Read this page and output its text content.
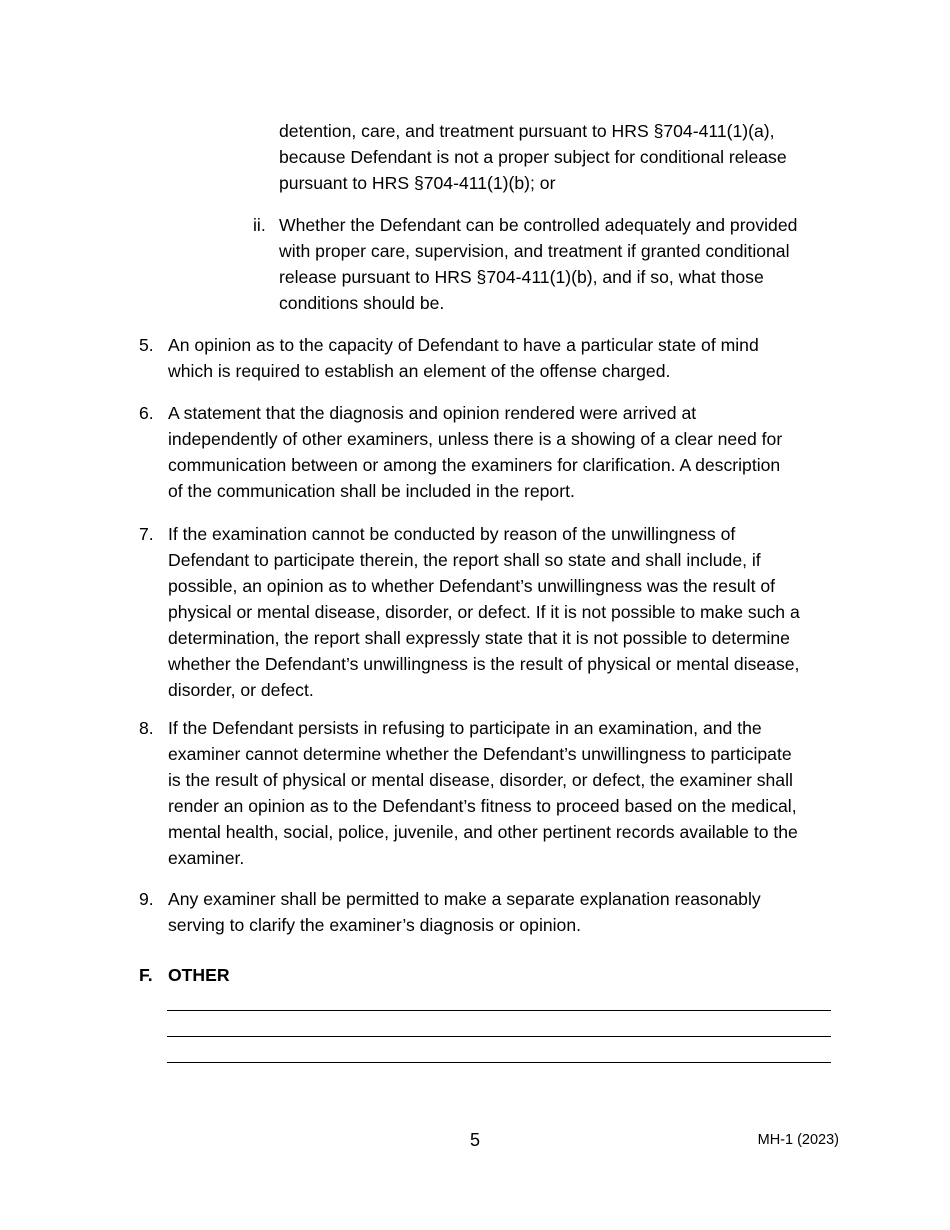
detention, care, and treatment pursuant to HRS §704-411(1)(a),
because Defendant is not a proper subject for conditional release
pursuant to HRS §704-411(1)(b); or

ii. Whether the Defendant can be controlled adequately and provided
with proper care, supervision, and treatment if granted conditional
release pursuant to HRS §704-411(1)(b), and if so, what those
conditions should be.
5. An opinion as to the capacity of Defendant to have a particular state of mind
which is required to establish an element of the offense charged.
6. A statement that the diagnosis and opinion rendered were arrived at
independently of other examiners, unless there is a showing of a clear need for
communication between or among the examiners for clarification. A description
of the communication shall be included in the report.
7. If the examination cannot be conducted by reason of the unwillingness of
Defendant to participate therein, the report shall so state and shall include, if
possible, an opinion as to whether Defendant’s unwillingness was the result of
physical or mental disease, disorder, or defect. If it is not possible to make such a
determination, the report shall expressly state that it is not possible to determine
whether the Defendant’s unwillingness is the result of physical or mental disease,
disorder, or defect.
8. If the Defendant persists in refusing to participate in an examination, and the
examiner cannot determine whether the Defendant’s unwillingness to participate
is the result of physical or mental disease, disorder, or defect, the examiner shall
render an opinion as to the Defendant’s fitness to proceed based on the medical,
mental health, social, police, juvenile, and other pertinent records available to the
examiner.
9. Any examiner shall be permitted to make a separate explanation reasonably
serving to clarify the examiner’s diagnosis or opinion.
F. OTHER
5	MH-1 (2023)
